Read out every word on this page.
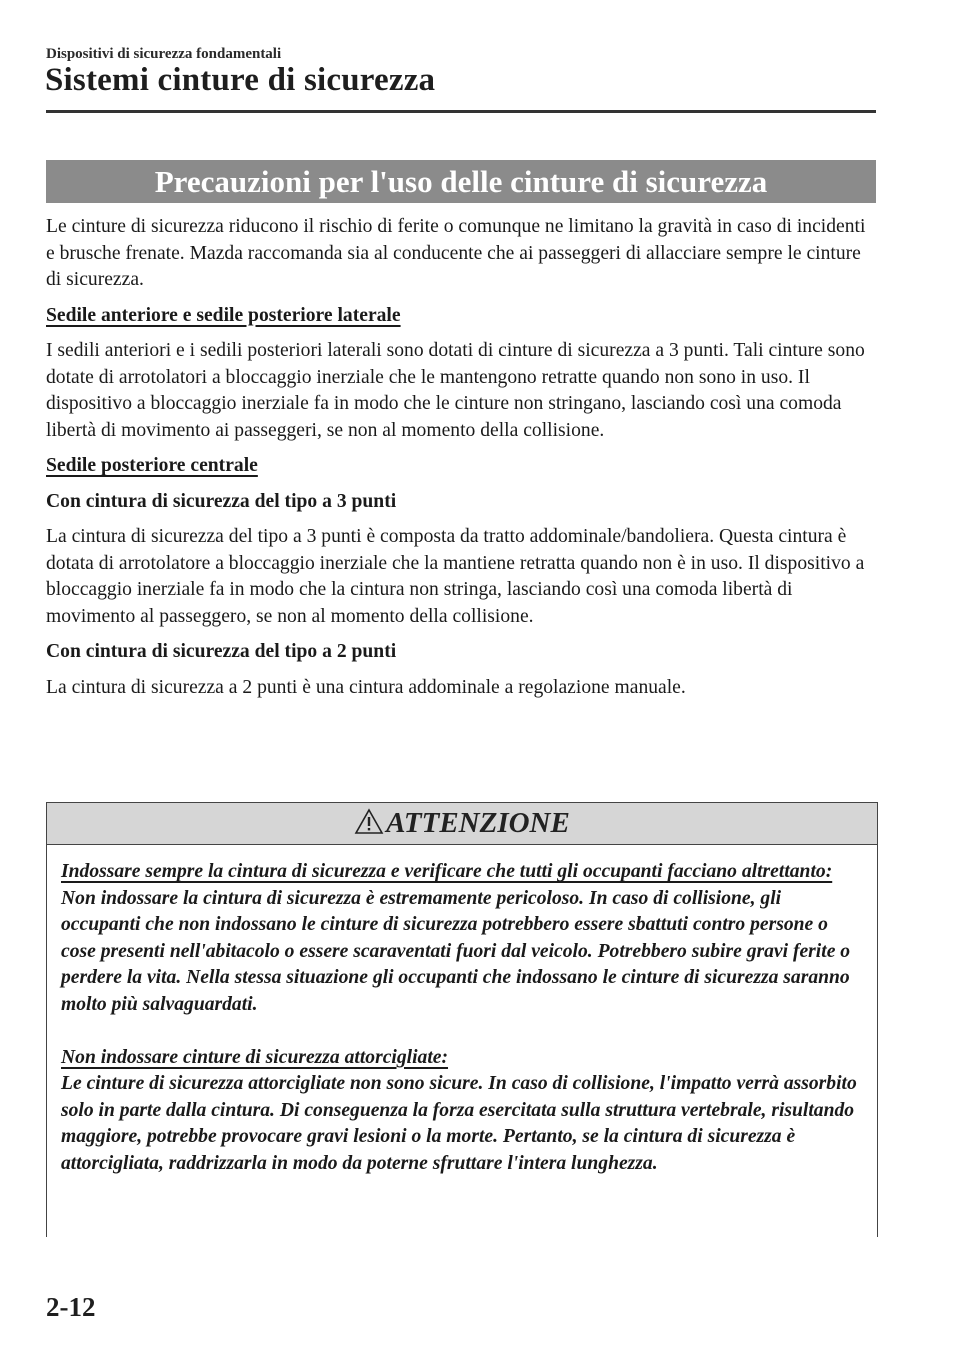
Dispositivi di sicurezza fondamentali
Sistemi cinture di sicurezza
Precauzioni per l'uso delle cinture di sicurezza

Le cinture di sicurezza riducono il rischio di ferite o comunque ne limitano la gravità in caso di incidenti e brusche frenate. Mazda raccomanda sia al conducente che ai passeggeri di allacciare sempre le cinture di sicurezza.

Sedile anteriore e sedile posteriore laterale

I sedili anteriori e i sedili posteriori laterali sono dotati di cinture di sicurezza a 3 punti. Tali cinture sono dotate di arrotolatori a bloccaggio inerziale che le mantengono retratte quando non sono in uso. Il dispositivo a bloccaggio inerziale fa in modo che le cinture non stringano, lasciando così una comoda libertà di movimento ai passeggeri, se non al momento della collisione.

Sedile posteriore centrale

Con cintura di sicurezza del tipo a 3 punti

La cintura di sicurezza del tipo a 3 punti è composta da tratto addominale/bandoliera. Questa cintura è dotata di arrotolatore a bloccaggio inerziale che la mantiene retratta quando non è in uso. Il dispositivo a bloccaggio inerziale fa in modo che la cintura non stringa, lasciando così una comoda libertà di movimento al passeggero, se non al momento della collisione.

Con cintura di sicurezza del tipo a 2 punti

La cintura di sicurezza a 2 punti è una cintura addominale a regolazione manuale.

ATTENZIONE

Indossare sempre la cintura di sicurezza e verificare che tutti gli occupanti facciano altrettanto:
Non indossare la cintura di sicurezza è estremamente pericoloso. In caso di collisione, gli occupanti che non indossano le cinture di sicurezza potrebbero essere sbattuti contro persone o cose presenti nell'abitacolo o essere scaraventati fuori dal veicolo. Potrebbero subire gravi ferite o perdere la vita. Nella stessa situazione gli occupanti che indossano le cinture di sicurezza saranno molto più salvaguardati.

Non indossare cinture di sicurezza attorcigliate:
Le cinture di sicurezza attorcigliate non sono sicure. In caso di collisione, l'impatto verrà assorbito solo in parte dalla cintura. Di conseguenza la forza esercitata sulla struttura vertebrale, risultando maggiore, potrebbe provocare gravi lesioni o la morte. Pertanto, se la cintura di sicurezza è attorcigliata, raddrizzarla in modo da poterne sfruttare l'intera lunghezza.

2-12
